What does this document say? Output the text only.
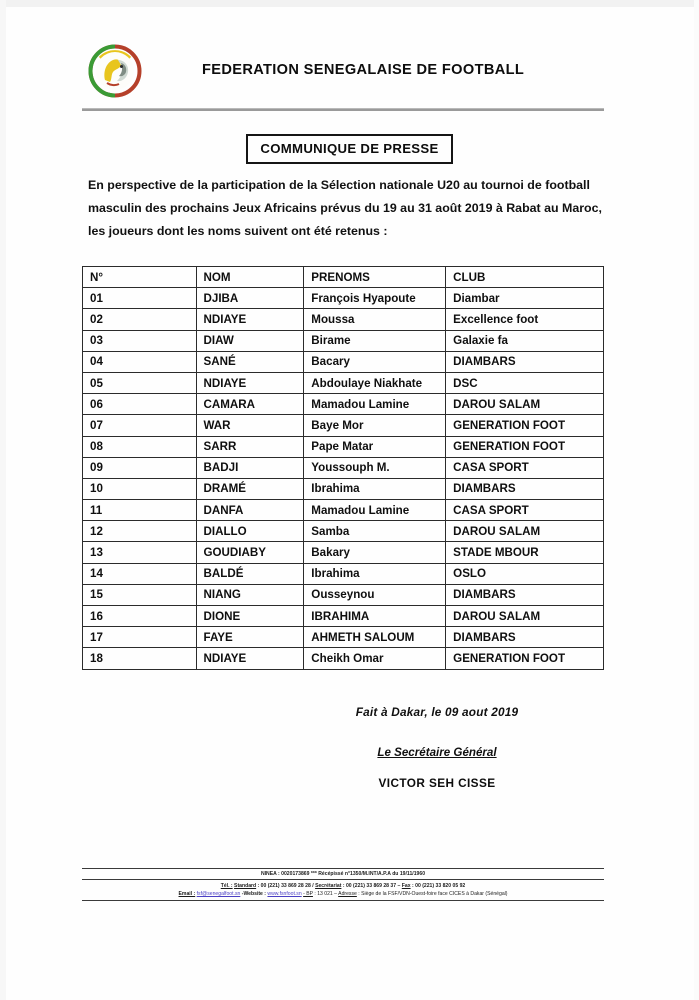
FEDERATION SENEGALAISE DE FOOTBALL
COMMUNIQUE DE PRESSE

En perspective de la participation de la Sélection nationale U20 au tournoi de football

masculin des prochains Jeux Africains prévus du 19 au 31 août 2019 à Rabat au Maroc,

les joueurs dont les noms suivent ont été retenus :

N°	NOM	PRENOMS	CLUB
01	DJIBA	François Hyapoute	Diambar
02	NDIAYE	Moussa	Excellence foot
03	DIAW	Birame	Galaxie fa
04	SANÉ	Bacary	DIAMBARS
05	NDIAYE	Abdoulaye Niakhate	DSC
06	CAMARA	Mamadou Lamine	DAROU SALAM
07	WAR	Baye Mor	GENERATION FOOT
08	SARR	Pape Matar	GENERATION FOOT
09	BADJI	Youssouph M.	CASA SPORT
10	DRAMÉ	Ibrahima	DIAMBARS
11	DANFA	Mamadou Lamine	CASA SPORT
12	DIALLO	Samba	DAROU SALAM
13	GOUDIABY	Bakary	STADE MBOUR
14	BALDÉ	Ibrahima	OSLO
15	NIANG	Ousseynou	DIAMBARS
16	DIONE	IBRAHIMA	DAROU SALAM
17	FAYE	AHMETH SALOUM	DIAMBARS
18	NDIAYE	Cheikh Omar	GENERATION FOOT
Fait à Dakar, le 09 aout 2019
Le Secrétaire Général
VICTOR SEH CISSE
NINEA : 0020173869 *** Récépissé n°1350/M.INT/A.P.A du 19/11/1960
Tél. : Standard : 00 (221) 33 869 28 28 / Secrétariat : 00 (221) 33 869 28 37 – Fax : 00 (221) 33 820 05 92
Email : fsf@senegalfoot.sn -Website : www.fsnfoot.sn - BP : 13 021 – Adresse : Siège de la FSF/VDN-Ouest-foire face CICES à Dakar (Sénégal)
